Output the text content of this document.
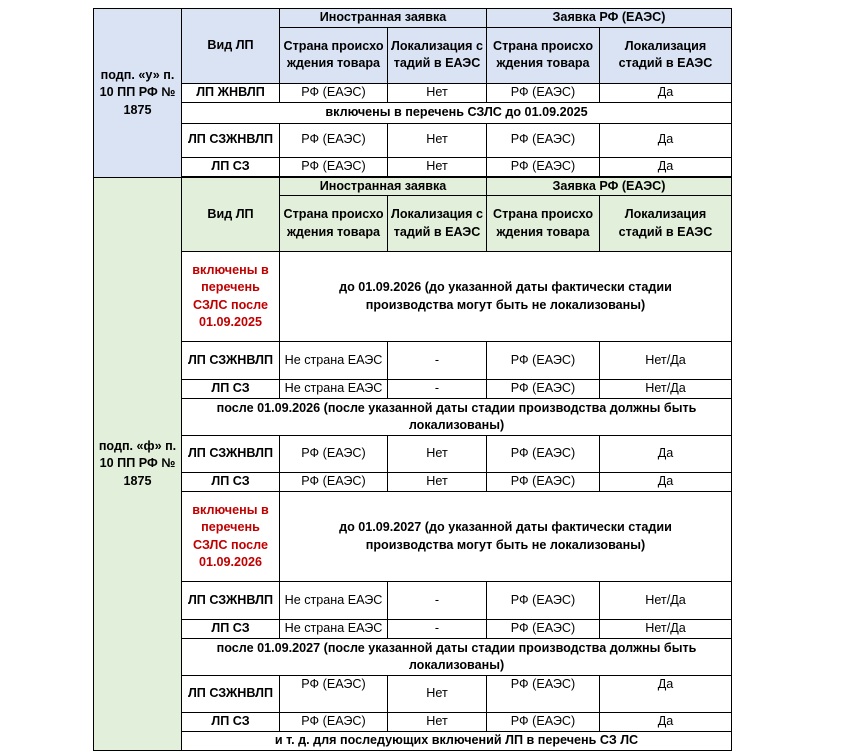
подп. «у» п. 10 ПП РФ № 1875	Вид ЛП	Иностранная заявка		Заявка РФ (ЕАЭС)	
		Страна происхождения товара	Локализация стадий в ЕАЭС	Страна происхождения товара	Локализация стадий в ЕАЭС
	ЛП ЖНВЛП	РФ (ЕАЭС)	Нет	РФ (ЕАЭС)	Да
	включены в перечень СЗЛС до 01.09.2025				
	ЛП СЗЖНВЛП	РФ (ЕАЭС)	Нет	РФ (ЕАЭС)	Да
	ЛП СЗ	РФ (ЕАЭС)	Нет	РФ (ЕАЭС)	Да

подп. «ф» п. 10 ПП РФ № 1875	Вид ЛП	Иностранная заявка		Заявка РФ (ЕАЭС)	
		Страна происхождения товара	Локализация стадий в ЕАЭС	Страна происхождения товара	Локализация стадий в ЕАЭС
	включены в перечень СЗЛС после 01.09.2025	до 01.09.2026 (до указанной даты фактически стадии производства могут быть не локализованы)			
	ЛП СЗЖНВЛП	Не страна ЕАЭС	-	РФ (ЕАЭС)	Нет/Да
	ЛП СЗ	Не страна ЕАЭС	-	РФ (ЕАЭС)	Нет/Да
	после 01.09.2026 (после указанной даты стадии производства должны быть локализованы)				
	ЛП СЗЖНВЛП	РФ (ЕАЭС)	Нет	РФ (ЕАЭС)	Да
	ЛП СЗ	РФ (ЕАЭС)	Нет	РФ (ЕАЭС)	Да
	включены в перечень СЗЛС после 01.09.2026	до 01.09.2027 (до указанной даты фактически стадии производства могут быть не локализованы)			
	ЛП СЗЖНВЛП	Не страна ЕАЭС	-	РФ (ЕАЭС)	Нет/Да
	ЛП СЗ	Не страна ЕАЭС	-	РФ (ЕАЭС)	Нет/Да
	после 01.09.2027 (после указанной даты стадии производства должны быть локализованы)				
	ЛП СЗЖНВЛП	РФ (ЕАЭС)	Нет	РФ (ЕАЭС)	Да
	ЛП СЗ	РФ (ЕАЭС)	Нет	РФ (ЕАЭС)	Да
	и т. д. для последующих включений ЛП в перечень СЗ ЛС				
